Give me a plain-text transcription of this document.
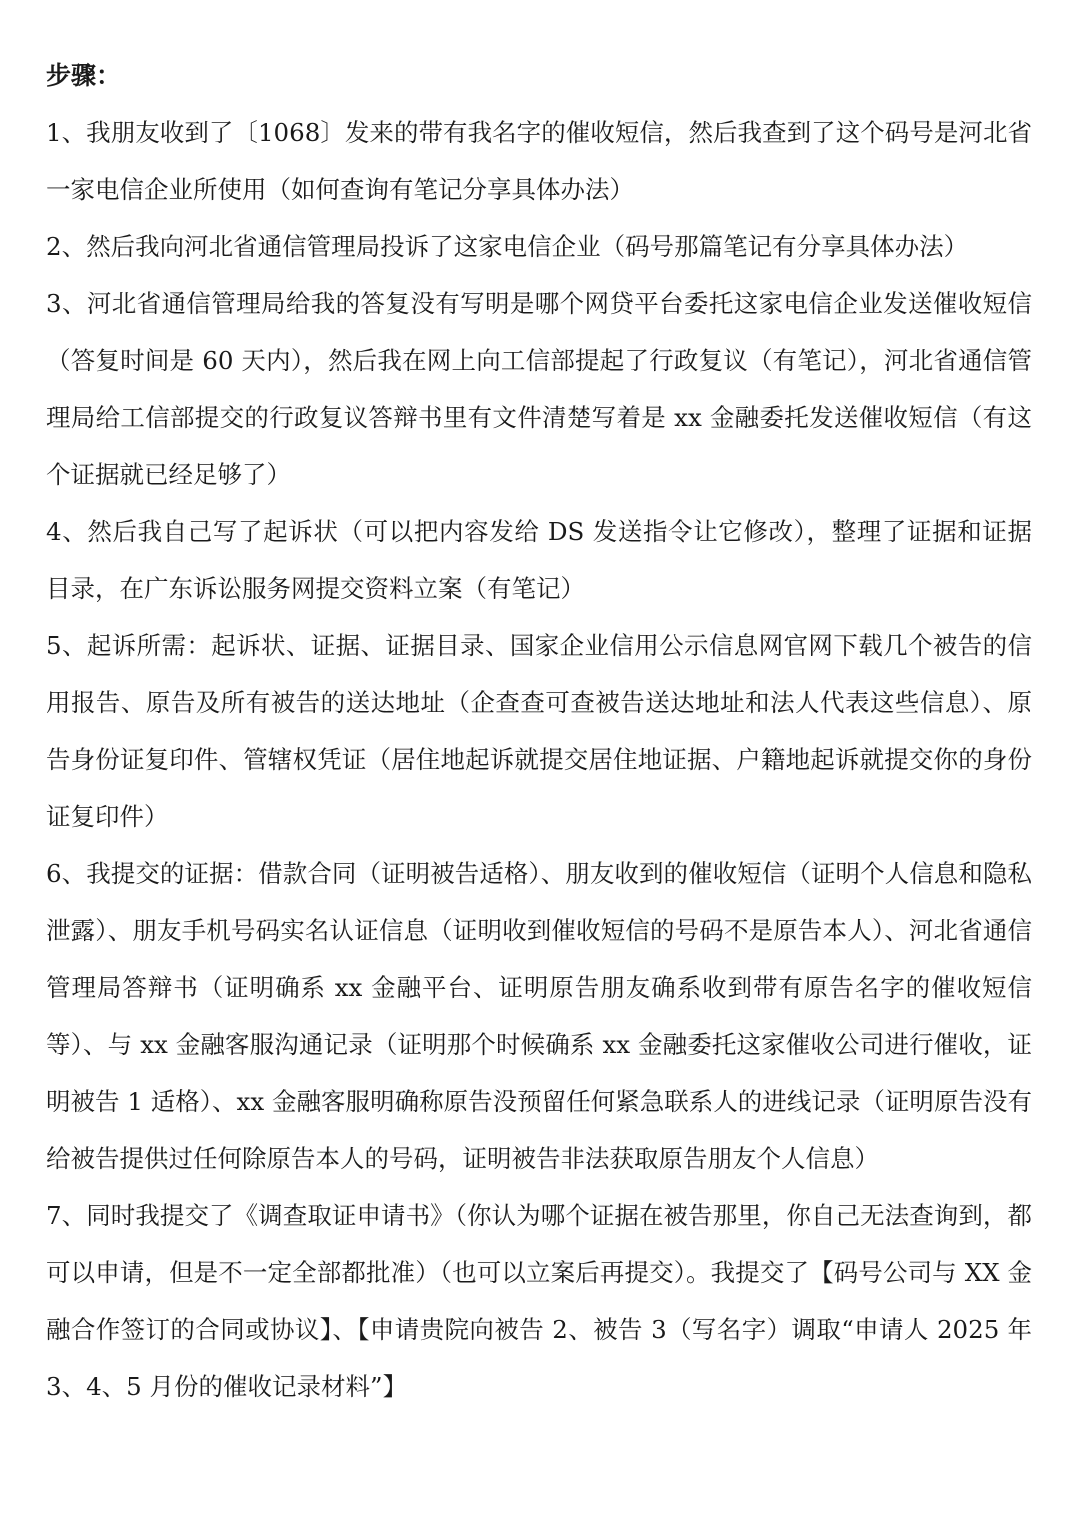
步骤：

1、我朋友收到了〔1068〕发来的带有我名字的催收短信，然后我查到了这个码号是河北省一家电信企业所使用（如何查询有笔记分享具体办法）

2、然后我向河北省通信管理局投诉了这家电信企业（码号那篇笔记有分享具体办法）

3、河北省通信管理局给我的答复没有写明是哪个网贷平台委托这家电信企业发送催收短信（答复时间是 60 天内），然后我在网上向工信部提起了行政复议（有笔记），河北省通信管理局给工信部提交的行政复议答辩书里有文件清楚写着是 xx 金融委托发送催收短信（有这个证据就已经足够了）

4、然后我自己写了起诉状（可以把内容发给 DS 发送指令让它修改），整理了证据和证据目录，在广东诉讼服务网提交资料立案（有笔记）

5、起诉所需：起诉状、证据、证据目录、国家企业信用公示信息网官网下载几个被告的信用报告、原告及所有被告的送达地址（企查查可查被告送达地址和法人代表这些信息）、原告身份证复印件、管辖权凭证（居住地起诉就提交居住地证据、户籍地起诉就提交你的身份证复印件）

6、我提交的证据：借款合同（证明被告适格）、朋友收到的催收短信（证明个人信息和隐私泄露）、朋友手机号码实名认证信息（证明收到催收短信的号码不是原告本人）、河北省通信管理局答辩书（证明确系 xx 金融平台、证明原告朋友确系收到带有原告名字的催收短信等）、与 xx 金融客服沟通记录（证明那个时候确系 xx 金融委托这家催收公司进行催收，证明被告 1 适格）、xx 金融客服明确称原告没预留任何紧急联系人的进线记录（证明原告没有给被告提供过任何除原告本人的号码，证明被告非法获取原告朋友个人信息）

7、同时我提交了《调查取证申请书》（你认为哪个证据在被告那里，你自己无法查询到，都可以申请，但是不一定全部都批准）（也可以立案后再提交）。我提交了【码号公司与 XX 金融合作签订的合同或协议】、【申请贵院向被告 2、被告 3（写名字）调取“申请人 2025 年 3、4、5 月份的催收记录材料”】
